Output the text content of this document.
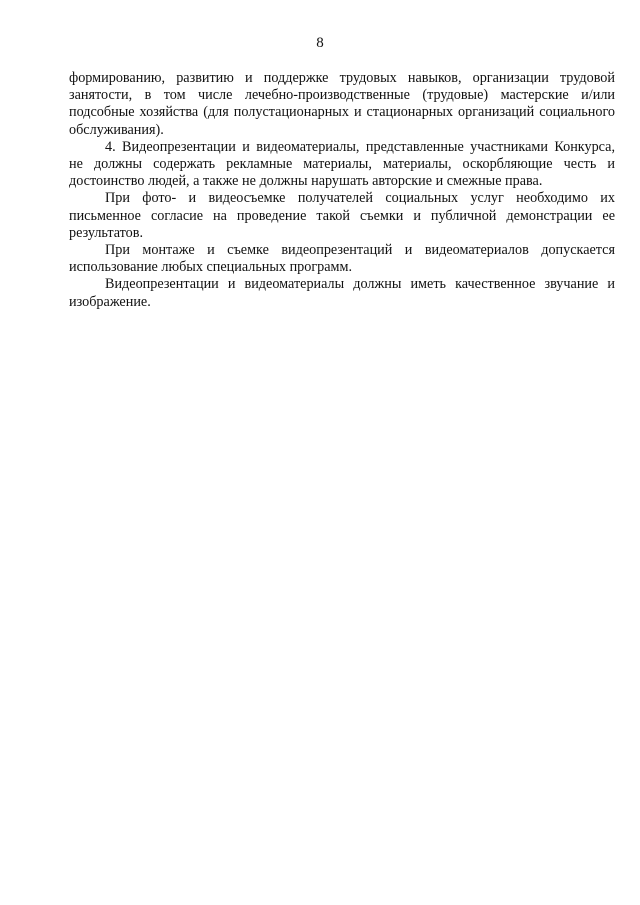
8

формированию, развитию и поддержке трудовых навыков, организации трудовой занятости, в том числе лечебно-производственные (трудовые) мастерские и/или подсобные хозяйства (для полустационарных и стационарных организаций социального обслуживания).

4. Видеопрезентации и видеоматериалы, представленные участниками Конкурса, не должны содержать рекламные материалы, материалы, оскорбляющие честь и достоинство людей, а также не должны нарушать авторские и смежные права.

При фото- и видеосъемке получателей социальных услуг необходимо их письменное согласие на проведение такой съемки и публичной демонстрации ее результатов.

При монтаже и съемке видеопрезентаций и видеоматериалов допускается использование любых специальных программ.

Видеопрезентации и видеоматериалы должны иметь качественное звучание и изображение.
